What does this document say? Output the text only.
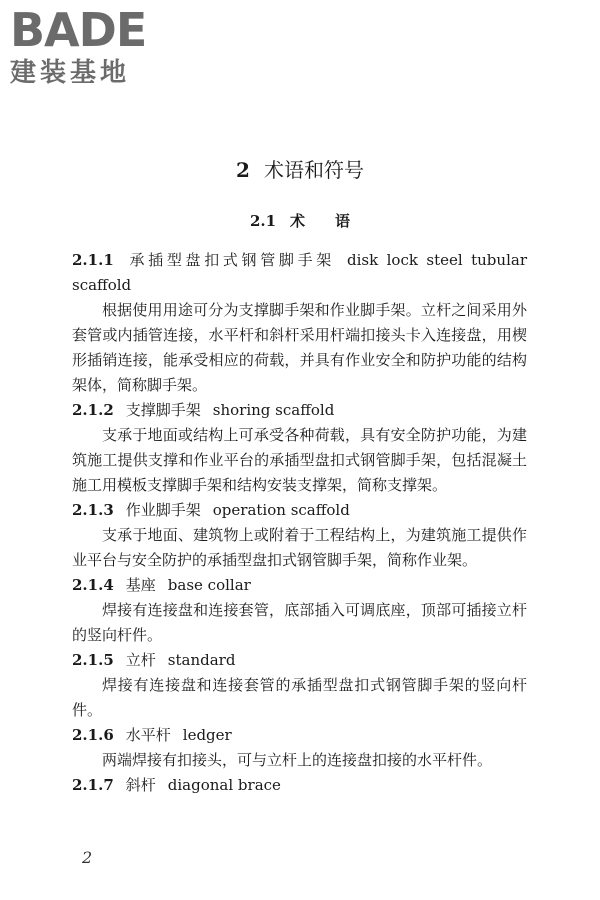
BADE
建装基地
2 术语和符号
2.1 术　　语

2.1.1 承插型盘扣式钢管脚手架 disk lock steel tubular scaffold

根据使用用途可分为支撑脚手架和作业脚手架。立杆之间采用外套管或内插管连接，水平杆和斜杆采用杆端扣接头卡入连接盘，用楔形插销连接，能承受相应的荷载，并具有作业安全和防护功能的结构架体，简称脚手架。

2.1.2 支撑脚手架 shoring scaffold

支承于地面或结构上可承受各种荷载，具有安全防护功能，为建筑施工提供支撑和作业平台的承插型盘扣式钢管脚手架，包括混凝土施工用模板支撑脚手架和结构安装支撑架，简称支撑架。

2.1.3 作业脚手架 operation scaffold

支承于地面、建筑物上或附着于工程结构上，为建筑施工提供作业平台与安全防护的承插型盘扣式钢管脚手架，简称作业架。

2.1.4 基座 base collar

焊接有连接盘和连接套管，底部插入可调底座，顶部可插接立杆的竖向杆件。

2.1.5 立杆 standard

焊接有连接盘和连接套管的承插型盘扣式钢管脚手架的竖向杆件。

2.1.6 水平杆 ledger

两端焊接有扣接头，可与立杆上的连接盘扣接的水平杆件。

2.1.7 斜杆 diagonal brace

2
